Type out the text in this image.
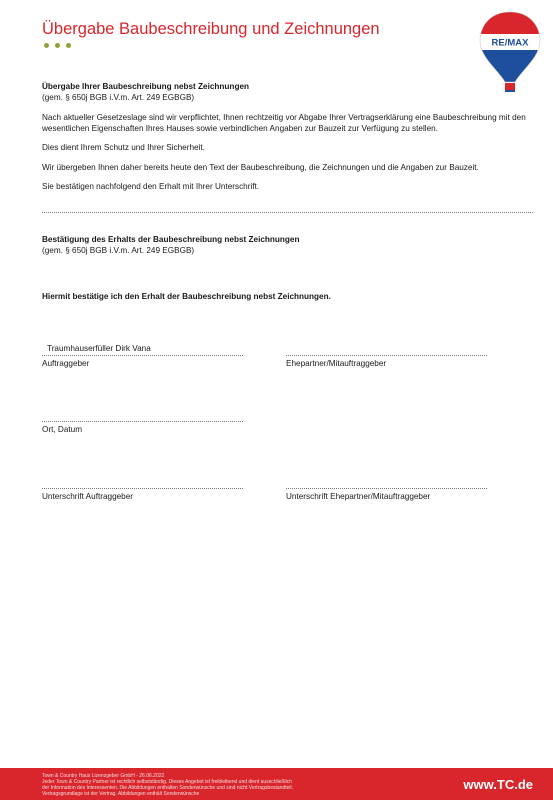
Übergabe Baubeschreibung und Zeichnungen
RE/MAX

Übergabe Ihrer Baubeschreibung nebst Zeichnungen

(gem. § 650j BGB i.V.m. Art. 249 EGBGB)

Nach aktueller Gesetzeslage sind wir verpflichtet, Ihnen rechtzeitig vor Abgabe Ihrer Vertragserklärung eine Baubeschreibung mit den wesentlichen Eigenschaften Ihres Hauses sowie verbindlichen Angaben zur Bauzeit zur Verfügung zu stellen.

Dies dient Ihrem Schutz und Ihrer Sicherheit.

Wir übergeben Ihnen daher bereits heute den Text der Baubeschreibung, die Zeichnungen und die Angaben zur Bauzeit.

Sie bestätigen nachfolgend den Erhalt mit Ihrer Unterschrift.

Bestätigung des Erhalts der Baubeschreibung nebst Zeichnungen

(gem. § 650j BGB i.V.m. Art. 249 EGBGB)

Hiermit bestätige ich den Erhalt der Baubeschreibung nebst Zeichnungen.
Traumhauserfüller Dirk Vana
Auftraggeber	Ehepartner/Mitauftraggeber
Ort, Datum
Unterschrift Auftraggeber	Unterschrift Ehepartner/Mitauftraggeber

Town & Country Haus Lizenzgeber GmbH - 26.06.2022

Jeder Town & Country Partner ist rechtlich selbstständig. Dieses Angebot ist freibleibend und dient ausschließlich

der Information des Interessenten. Die Abbildungen enthalten Sonderwünsche und sind nicht Vertragsbestandteil.

Vertragsgrundlage ist der Vertrag. Abbildungen enthält Sonderwünsche

www.TC.de
